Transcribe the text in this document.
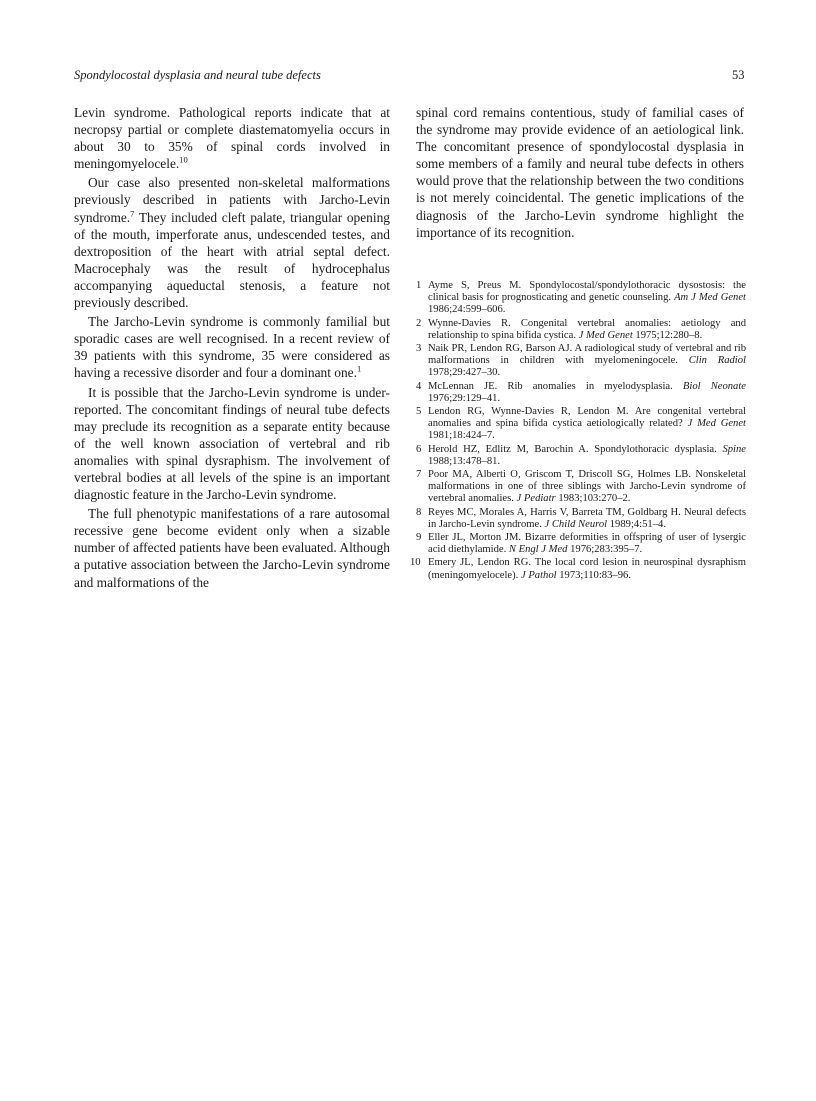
Spondylocostal dysplasia and neural tube defects	53

Levin syndrome. Pathological reports indicate that at necropsy partial or complete diastematomyelia occurs in about 30 to 35% of spinal cords involved in meningomyelocele.$^{10}$

Our case also presented non-skeletal malformations previously described in patients with Jarcho-Levin syndrome.$^7$ They included cleft palate, triangular opening of the mouth, imperforate anus, undescended testes, and dextroposition of the heart with atrial septal defect. Macrocephaly was the result of hydrocephalus accompanying aqueductal stenosis, a feature not previously described.

The Jarcho-Levin syndrome is commonly familial but sporadic cases are well recognised. In a recent review of 39 patients with this syndrome, 35 were considered as having a recessive disorder and four a dominant one.$^1$

It is possible that the Jarcho-Levin syndrome is under-reported. The concomitant findings of neural tube defects may preclude its recognition as a separate entity because of the well known association of vertebral and rib anomalies with spinal dysraphism. The involvement of vertebral bodies at all levels of the spine is an important diagnostic feature in the Jarcho-Levin syndrome.

The full phenotypic manifestations of a rare autosomal recessive gene become evident only when a sizable number of affected patients have been evaluated. Although a putative association between the Jarcho-Levin syndrome and malformations of the

spinal cord remains contentious, study of familial cases of the syndrome may provide evidence of an aetiological link. The concomitant presence of spondylocostal dysplasia in some members of a family and neural tube defects in others would prove that the relationship between the two conditions is not merely coincidental. The genetic implications of the diagnosis of the Jarcho-Levin syndrome highlight the importance of its recognition.

1 Ayme S, Preus M. Spondylocostal/spondylothoracic dysostosis: the clinical basis for prognosticating and genetic counseling. Am J Med Genet 1986;24:599–606.
2 Wynne-Davies R. Congenital vertebral anomalies: aetiology and relationship to spina bifida cystica. J Med Genet 1975;12:280–8.
3 Naik PR, Lendon RG, Barson AJ. A radiological study of vertebral and rib malformations in children with myelomeningocele. Clin Radiol 1978;29:427–30.
4 McLennan JE. Rib anomalies in myelodysplasia. Biol Neonate 1976;29:129–41.
5 Lendon RG, Wynne-Davies R, Lendon M. Are congenital vertebral anomalies and spina bifida cystica aetiologically related? J Med Genet 1981;18:424–7.
6 Herold HZ, Edlitz M, Barochin A. Spondylothoracic dysplasia. Spine 1988;13:478–81.
7 Poor MA, Alberti O, Griscom T, Driscoll SG, Holmes LB. Nonskeletal malformations in one of three siblings with Jarcho-Levin syndrome of vertebral anomalies. J Pediatr 1983;103:270–2.
8 Reyes MC, Morales A, Harris V, Barreta TM, Goldbarg H. Neural defects in Jarcho-Levin syndrome. J Child Neurol 1989;4:51–4.
9 Eller JL, Morton JM. Bizarre deformities in offspring of user of lysergic acid diethylamide. N Engl J Med 1976;283:395–7.
10 Emery JL, Lendon RG. The local cord lesion in neurospinal dysraphism (meningomyelocele). J Pathol 1973;110:83–96.
